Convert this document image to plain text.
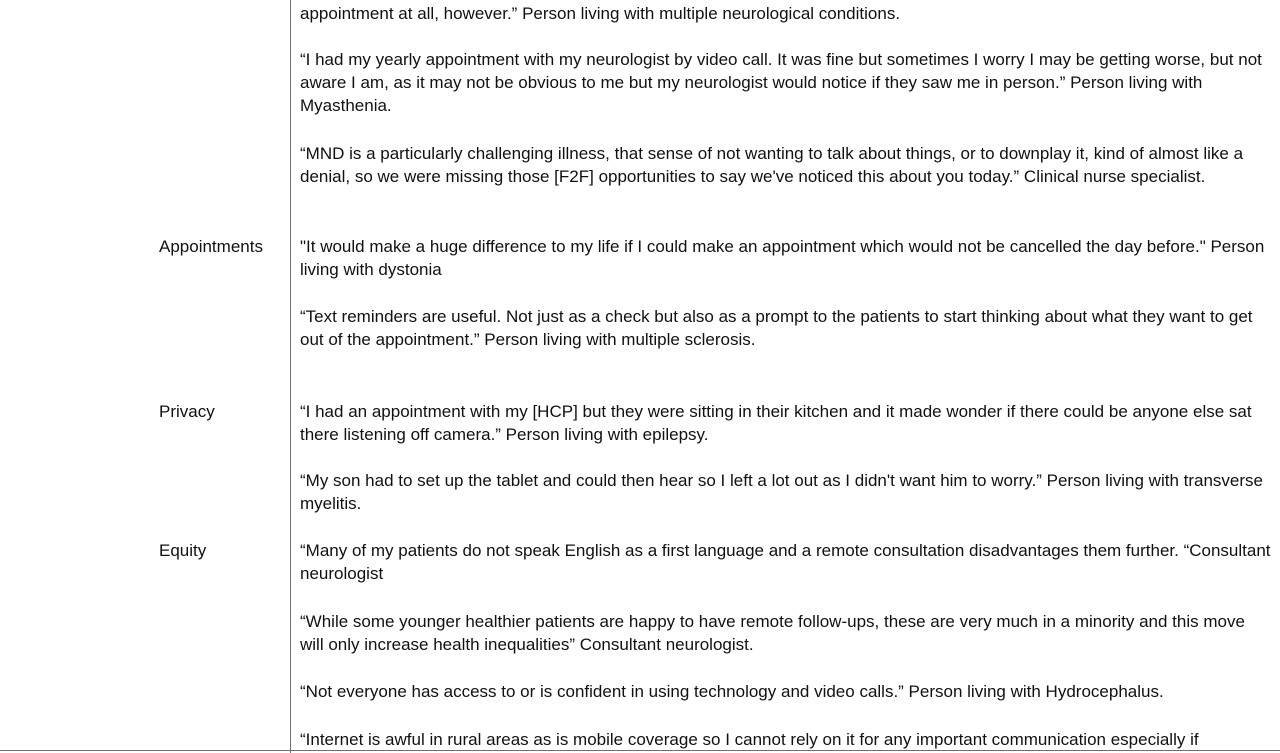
appointment at all, however.” Person living with multiple neurological conditions.
“I had my yearly appointment with my neurologist by video call. It was fine but sometimes I worry I may be getting worse, but not aware I am, as it may not be obvious to me but my neurologist would notice if they saw me in person.” Person living with Myasthenia.
“MND is a particularly challenging illness, that sense of not wanting to talk about things, or to downplay it, kind of almost like a denial, so we were missing those [F2F] opportunities to say we've noticed this about you today.” Clinical nurse specialist.
Appointments "It would make a huge difference to my life if I could make an appointment which would not be cancelled the day before." Person living with dystonia
“Text reminders are useful. Not just as a check but also as a prompt to the patients to start thinking about what they want to get out of the appointment.” Person living with multiple sclerosis.
Privacy	“I had an appointment with my [HCP] but they were sitting in their kitchen and it made wonder if there could be anyone else sat there listening off camera.” Person living with epilepsy.
“My son had to set up the tablet and could then hear so I left a lot out as I didn't want him to worry.” Person living with transverse myelitis.
Equity	“Many of my patients do not speak English as a first language and a remote consultation disadvantages them further. “Consultant neurologist
“While some younger healthier patients are happy to have remote follow-ups, these are very much in a minority and this move will only increase health inequalities” Consultant neurologist.
“Not everyone has access to or is confident in using technology and video calls.” Person living with Hydrocephalus.
“Internet is awful in rural areas as is mobile coverage so I cannot rely on it for any important communication especially if
